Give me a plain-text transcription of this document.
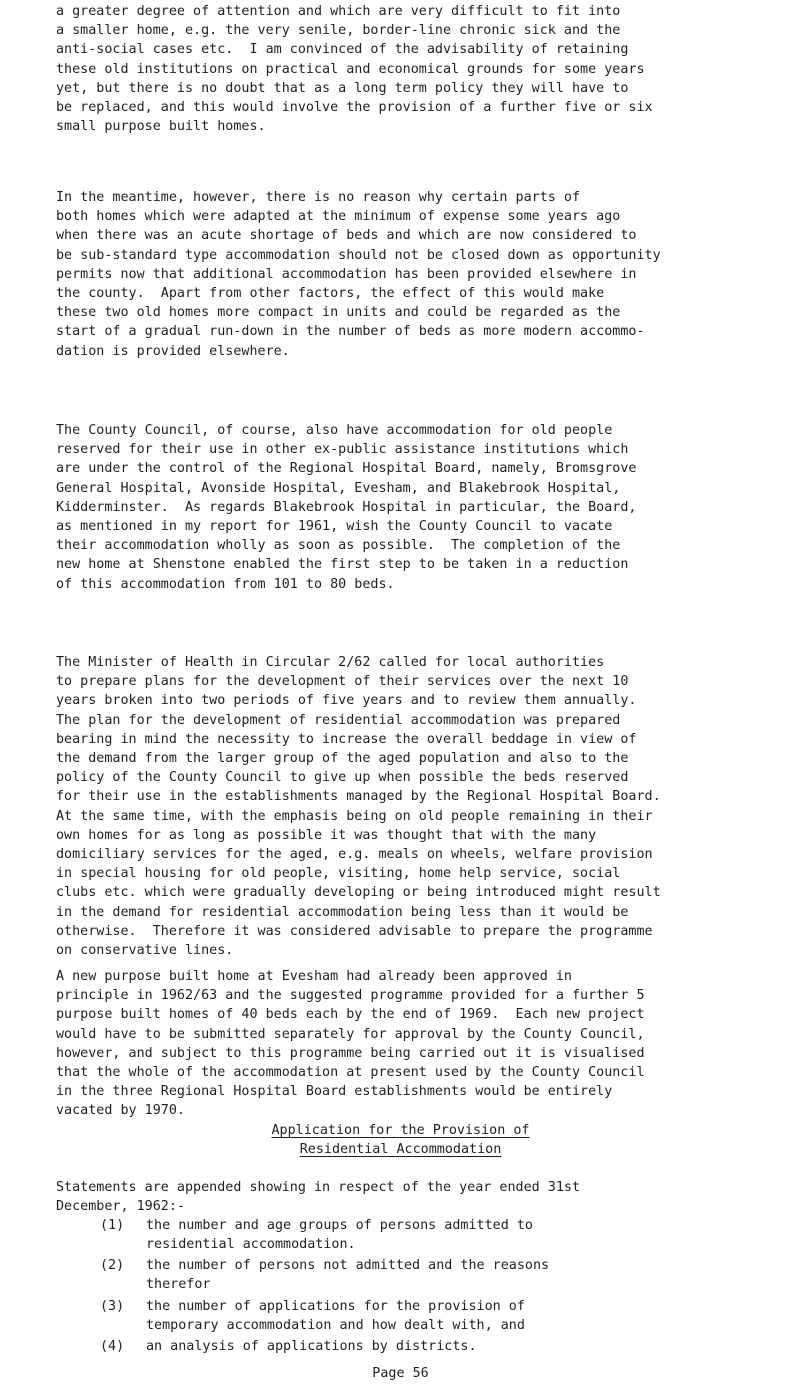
a greater degree of attention and which are very difficult to fit into
a smaller home, e.g. the very senile, border-line chronic sick and the
anti-social cases etc.  I am convinced of the advisability of retaining
these old institutions on practical and economical grounds for some years
yet, but there is no doubt that as a long term policy they will have to
be replaced, and this would involve the provision of a further five or six
small purpose built homes.

In the meantime, however, there is no reason why certain parts of
both homes which were adapted at the minimum of expense some years ago
when there was an acute shortage of beds and which are now considered to
be sub-standard type accommodation should not be closed down as opportunity
permits now that additional accommodation has been provided elsewhere in
the county.  Apart from other factors, the effect of this would make
these two old homes more compact in units and could be regarded as the
start of a gradual run-down in the number of beds as more modern accommo-
dation is provided elsewhere.

The County Council, of course, also have accommodation for old people
reserved for their use in other ex-public assistance institutions which
are under the control of the Regional Hospital Board, namely, Bromsgrove
General Hospital, Avonside Hospital, Evesham, and Blakebrook Hospital,
Kidderminster.  As regards Blakebrook Hospital in particular, the Board,
as mentioned in my report for 1961, wish the County Council to vacate
their accommodation wholly as soon as possible.  The completion of the
new home at Shenstone enabled the first step to be taken in a reduction
of this accommodation from 101 to 80 beds.

The Minister of Health in Circular 2/62 called for local authorities
to prepare plans for the development of their services over the next 10
years broken into two periods of five years and to review them annually.
The plan for the development of residential accommodation was prepared
bearing in mind the necessity to increase the overall beddage in view of
the demand from the larger group of the aged population and also to the
policy of the County Council to give up when possible the beds reserved
for their use in the establishments managed by the Regional Hospital Board.
At the same time, with the emphasis being on old people remaining in their
own homes for as long as possible it was thought that with the many
domiciliary services for the aged, e.g. meals on wheels, welfare provision
in special housing for old people, visiting, home help service, social
clubs etc. which were gradually developing or being introduced might result
in the demand for residential accommodation being less than it would be
otherwise.  Therefore it was considered advisable to prepare the programme
on conservative lines.

A new purpose built home at Evesham had already been approved in
principle in 1962/63 and the suggested programme provided for a further 5
purpose built homes of 40 beds each by the end of 1969.  Each new project
would have to be submitted separately for approval by the County Council,
however, and subject to this programme being carried out it is visualised
that the whole of the accommodation at present used by the County Council
in the three Regional Hospital Board establishments would be entirely
vacated by 1970.

Application for the Provision of

Residential Accommodation

Statements are appended showing in respect of the year ended 31st
December, 1962:-

(1) the number and age groups of persons admitted to
residential accommodation.
(2) the number of persons not admitted and the reasons
therefor
(3) the number of applications for the provision of
temporary accommodation and how dealt with, and
(4) an analysis of applications by districts.

Page 56
